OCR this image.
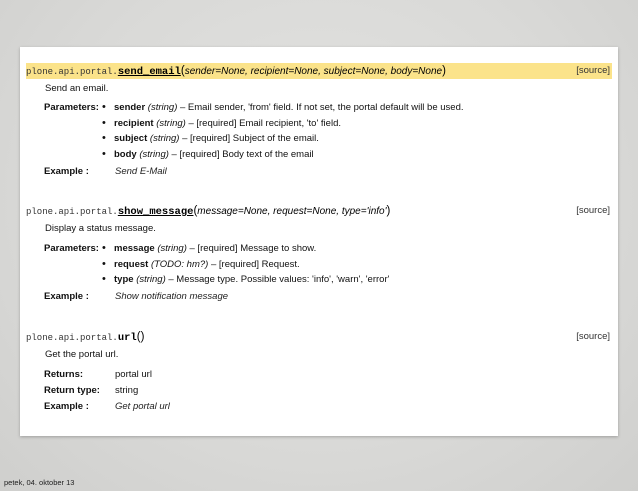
plone.api.portal.send_email(sender=None, recipient=None, subject=None, body=None)	[source]
Send an email.
Parameters:	• sender (string) – Email sender, 'from' field. If not set, the portal default will be used.
• recipient (string) – [required] Email recipient, 'to' field.
• subject (string) – [required] Subject of the email.
• body (string) – [required] Body text of the email
Example :	Send E-Mail
plone.api.portal.show_message(message=None, request=None, type='info')	[source]
Display a status message.
Parameters:	• message (string) – [required] Message to show.
• request (TODO: hm?) – [required] Request.
• type (string) – Message type. Possible values: 'info', 'warn', 'error'
Example :	Show notification message
plone.api.portal.url()	[source]
Get the portal url.
Returns:	portal url
Return type:	string
Example :	Get portal url
petek, 04. oktober 13
